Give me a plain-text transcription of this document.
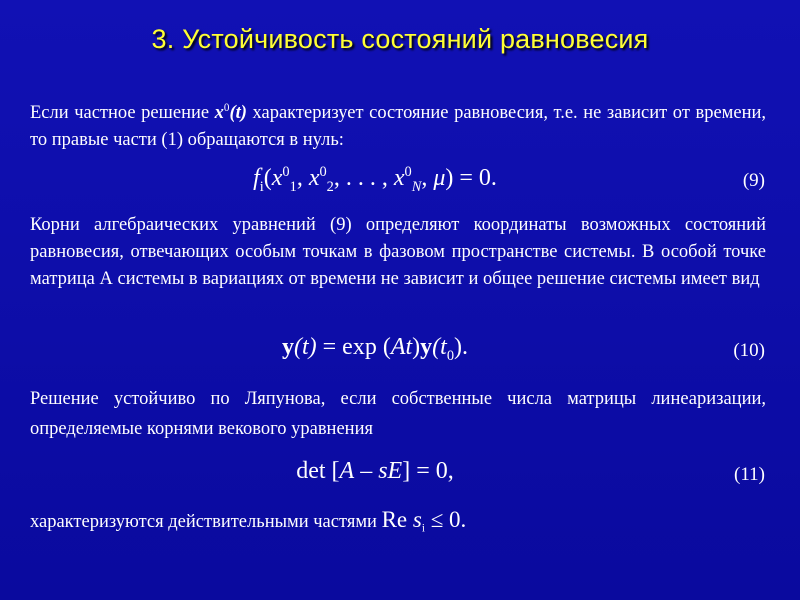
3. Устойчивость состояний равновесия
Если частное решение $x^0(t)$ характеризует состояние равновесия, т.е. не зависит от времени, то правые части (1) обращаются в нуль:
$f_i(x^0_1$, $x^0_2$, . . . , $x^0_N$, μ) = 0.	(9)
Корни алгебраических уравнений (9) определяют координаты возможных состояний равновесия, отвечающих особым точкам в фазовом пространстве системы. В особой точке матрица А системы в вариациях от времени не зависит и общее решение системы имеет вид
$y(t) = \exp (At)y(t_0)$.	(10)
Решение устойчиво по Ляпунова, если собственные числа матрицы линеаризации, определяемые корнями векового уравнения
det [A – sE] = 0,	(11)
характеризуются действительными частями Re $s_i \le 0$.
